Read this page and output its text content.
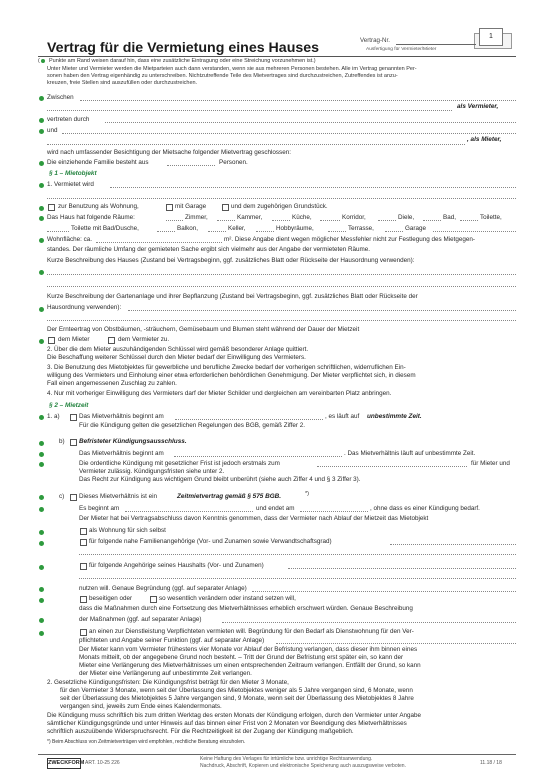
1
Vertrag für die Vermietung eines Hauses	Vertrag-Nr.
Ausfertigung für Vermieter/Mieter
( Punkte am Rand weisen darauf hin, dass eine zusätzliche Eintragung oder eine Streichung vorzunehmen ist.)
Unter Mieter und Vermieter werden die Mietparteien auch dann verstanden, wenn sie aus mehreren Personen bestehen. Alle im Vertrag genannten Per-
sonen haben den Vertrag eigenhändig zu unterschreiben. Nichtzutreffende Teile des Mietvertrages sind durchzustreichen, Zutreffendes ist anzu-
kreuzen, freie Stellen sind auszufüllen oder durchzustreichen.
Zwischen
als Vermieter,
vertreten durch
und
, als Mieter,
wird nach umfassender Besichtigung der Mietsache folgender Mietvertrag geschlossen:
Die einziehende Familie besteht aus	Personen.
§ 1 – Mietobjekt
1. Vermietet wird
zur Benutzung als Wohnung,	mit Garage	und dem zugehörigen Grundstück.
Das Haus hat folgende Räume:	Zimmer,	Kammer,	Küche,	Korridor,	Diele,	Bad,	Toilette,
Toilette mit Bad/Dusche,	Balkon,	Keller,	Hobbyräume,	Terrasse,	Garage
Wohnfläche: ca.	m². Diese Angabe dient wegen möglicher Messfehler nicht zur Festlegung des Mietgegen-
standes. Der räumliche Umfang der gemieteten Sache ergibt sich vielmehr aus der Angabe der vermieteten Räume.
Kurze Beschreibung des Hauses (Zustand bei Vertragsbeginn, ggf. zusätzliches Blatt oder Rückseite der Hausordnung verwenden):
Kurze Beschreibung der Gartenanlage und ihrer Bepflanzung (Zustand bei Vertragsbeginn, ggf. zusätzliches Blatt oder Rückseite der
Hausordnung verwenden):
Der Ernteertrag von Obstbäumen, -sträuchern, Gemüsebaum und Blumen steht während der Dauer der Mietzeit
dem Mieter	dem Vermieter zu.
2. Über die dem Mieter auszuhändigenden Schlüssel wird gemäß besonderer Anlage quittiert.
Die Beschaffung weiterer Schlüssel durch den Mieter bedarf der Einwilligung des Vermieters.
3. Die Benutzung des Mietobjektes für gewerbliche und berufliche Zwecke bedarf der vorherigen schriftlichen, widerruflichen Ein-
willigung des Vermieters und Einholung einer etwa erforderlichen behördlichen Genehmigung. Der Mieter verpflichtet sich, in diesem
Fall einen angemessenen Zuschlag zu zahlen.
4. Nur mit vorheriger Einwilligung des Vermieters darf der Mieter Schilder und dergleichen am vereinbarten Platz anbringen.
§ 2 – Mietzeit
1. a)	Das Mietverhältnis beginnt am	, es läuft auf unbestimmte Zeit.
Für die Kündigung gelten die gesetzlichen Regelungen des BGB, gemäß Ziffer 2.
b) Befristeter Kündigungsausschluss.
Das Mietverhältnis beginnt am	. Das Mietverhältnis läuft auf unbestimmte Zeit.
Die ordentliche Kündigung mit gesetzlicher Frist ist jedoch erstmals zum	für Mieter und
Vermieter zulässig. Kündigungsfristen siehe unter 2.
Das Recht zur Kündigung aus wichtigem Grund bleibt unberührt (siehe auch Ziffer 4 und § 3 Ziffer 3).
c) Dieses Mietverhältnis ist ein	Zeitmietvertrag gemäß § 575 BGB.	*)
Es beginnt am	und endet am	, ohne dass es einer Kündigung bedarf.
Der Mieter hat bei Vertragsabschluss davon Kenntnis genommen, dass der Vermieter nach Ablauf der Mietzeit das Mietobjekt
als Wohnung für sich selbst
für folgende nahe Familienangehörige (Vor- und Zunamen sowie Verwandtschaftsgrad)
für folgende Angehörige seines Haushalts (Vor- und Zunamen)
nutzen will. Genaue Begründung (ggf. auf separater Anlage)
beseitigen oder	so wesentlich verändern oder instand setzen will,
dass die Maßnahmen durch eine Fortsetzung des Mietverhältnisses erheblich erschwert würden. Genaue Beschreibung
der Maßnahmen (ggf. auf separater Anlage)
an einen zur Dienstleistung Verpflichteten vermieten will. Begründung für den Bedarf als Dienstwohnung für den Ver-
pflichteten und Angabe seiner Funktion (ggf. auf separater Anlage)
Der Mieter kann vom Vermieter frühestens vier Monate vor Ablauf der Befristung verlangen, dass dieser ihm binnen eines
Monats mitteilt, ob der angegebene Grund noch besteht. – Tritt der Grund der Befristung erst später ein, so kann der
Mieter eine Verlängerung des Mietverhältnisses um einen entsprechenden Zeitraum verlangen. Entfällt der Grund, so kann
der Mieter eine Verlängerung auf unbestimmte Zeit verlangen.
2. Gesetzliche Kündigungsfristen: Die Kündigungsfrist beträgt für den Mieter 3 Monate,
für den Vermieter 3 Monate, wenn seit der Überlassung des Mietobjektes weniger als 5 Jahre vergangen sind, 6 Monate, wenn
seit der Überlassung des Mietobjektes 5 Jahre vergangen sind, 9 Monate, wenn seit der Überlassung des Mietobjektes 8 Jahre
vergangen sind, jeweils zum Ende eines Kalendermonats.
Die Kündigung muss schriftlich bis zum dritten Werktag des ersten Monats der Kündigung erfolgen, durch den Vermieter unter Angabe
sämtlicher Kündigungsgründe und unter Hinweis auf das binnen einer Frist von 2 Monaten vor Beendigung des Mietverhältnisses
schriftlich auszuübende Widerspruchsrecht. Für die Rechtzeitigkeit ist der Zugang der Kündigung maßgeblich.
*) Beim Abschluss von Zeitmietverträgen wird empfohlen, rechtliche Beratung einzuholen.
ZWECKFORM ART. 10-25 226
Keine Haftung des Verlages für irrtümliche bzw. unrichtige Rechtsanwendung.
Nachdruck, Abschrift, Kopieren und elektronische Speicherung auch auszugsweise verboten.	11.18 / 18
